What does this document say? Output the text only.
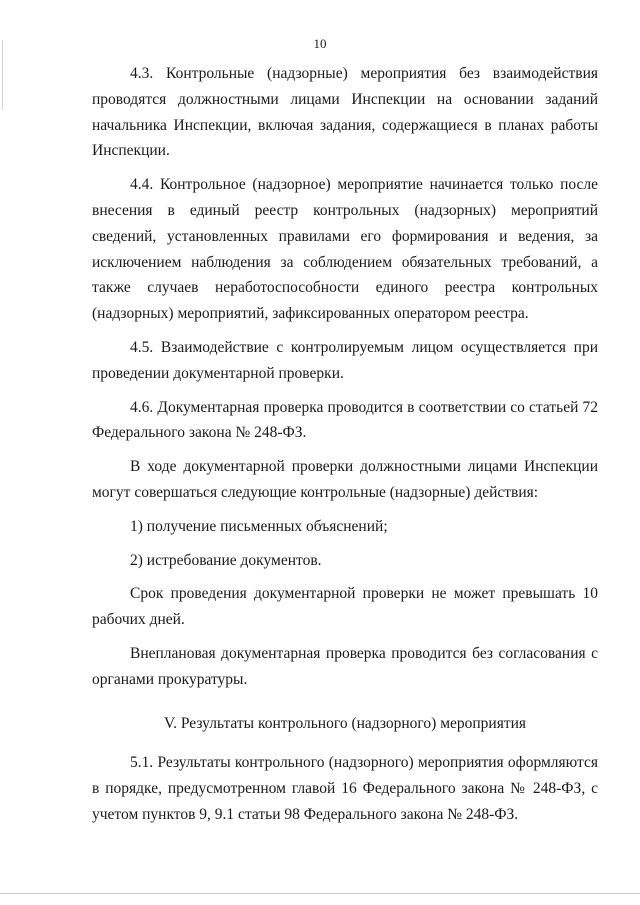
10

4.3. Контрольные (надзорные) мероприятия без взаимодействия проводятся должностными лицами Инспекции на основании заданий начальника Инспекции, включая задания, содержащиеся в планах работы Инспекции.

4.4. Контрольное (надзорное) мероприятие начинается только после внесения в единый реестр контрольных (надзорных) мероприятий сведений, установленных правилами его формирования и ведения, за исключением наблюдения за соблюдением обязательных требований, а также случаев неработоспособности единого реестра контрольных (надзорных) мероприятий, зафиксированных оператором реестра.

4.5. Взаимодействие с контролируемым лицом осуществляется при проведении документарной проверки.

4.6. Документарная проверка проводится в соответствии со статьей 72 Федерального закона № 248-ФЗ.

В ходе документарной проверки должностными лицами Инспекции могут совершаться следующие контрольные (надзорные) действия:

1) получение письменных объяснений;

2) истребование документов.

Срок проведения документарной проверки не может превышать 10 рабочих дней.

Внеплановая документарная проверка проводится без согласования с органами прокуратуры.

V. Результаты контрольного (надзорного) мероприятия

5.1. Результаты контрольного (надзорного) мероприятия оформляются в порядке, предусмотренном главой 16 Федерального закона № 248-ФЗ, с учетом пунктов 9, 9.1 статьи 98 Федерального закона № 248-ФЗ.
